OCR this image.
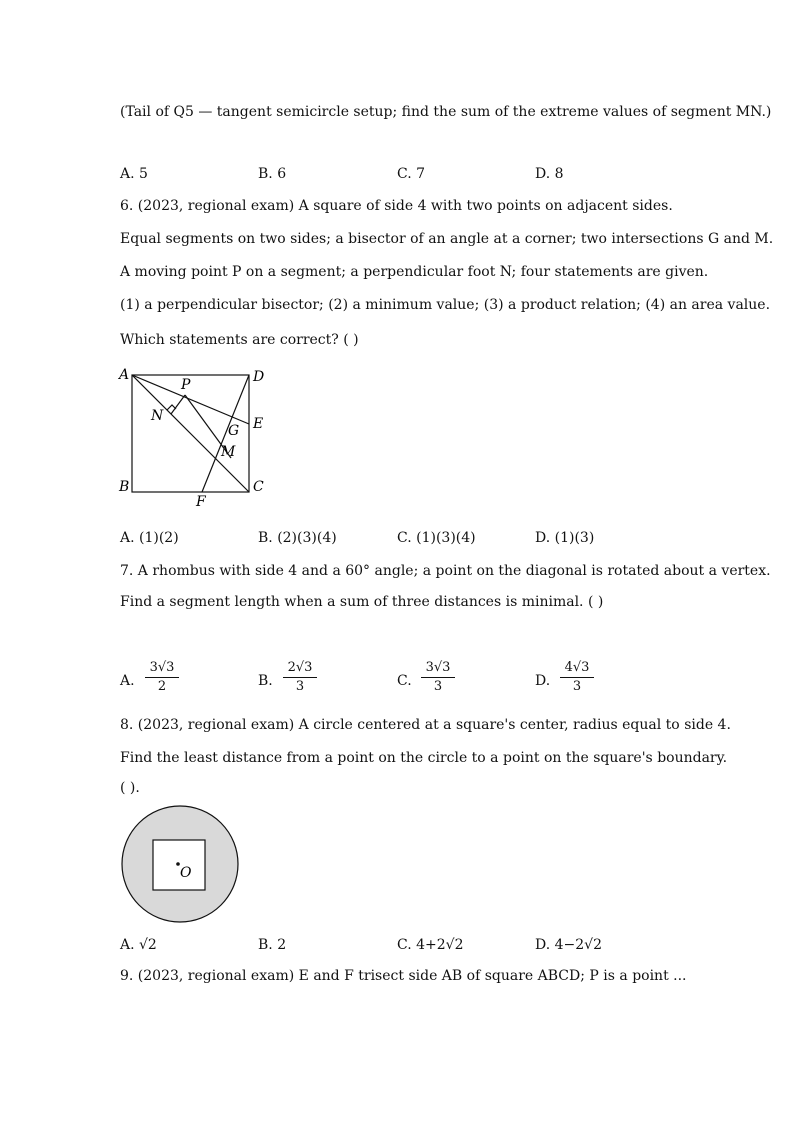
(Tail of Q5 — tangent semicircle setup; find the sum of the extreme values of segment MN.)
A. 5	B. 6	C. 7	D. 8
6. (2023, regional exam) A square of side 4 with two points on adjacent sides.
Equal segments on two sides; a bisector of an angle at a corner; two intersections G and M.
A moving point P on a segment; a perpendicular foot N; four statements are given.
(1) a perpendicular bisector; (2) a minimum value; (3) a product relation; (4) an area value.
Which statements are correct? ( )
A
B	C
D
E
F
G
M
N
P
A. (1)(2)	B. (2)(3)(4)	C. (1)(3)(4)	D. (1)(3)
7. A rhombus with side 4 and a 60° angle; a point on the diagonal is rotated about a vertex.
Find a segment length when a sum of three distances is minimal. ( )
A.
3√3
2	B.
2√3
3	C.
3√3
3	D.
4√3
3
8. (2023, regional exam) A circle centered at a square's center, radius equal to side 4.
Find the least distance from a point on the circle to a point on the square's boundary.
( ).
O
A. √2	B. 2	C. 4+2√2	D. 4−2√2
9. (2023, regional exam) E and F trisect side AB of square ABCD; P is a point ...
